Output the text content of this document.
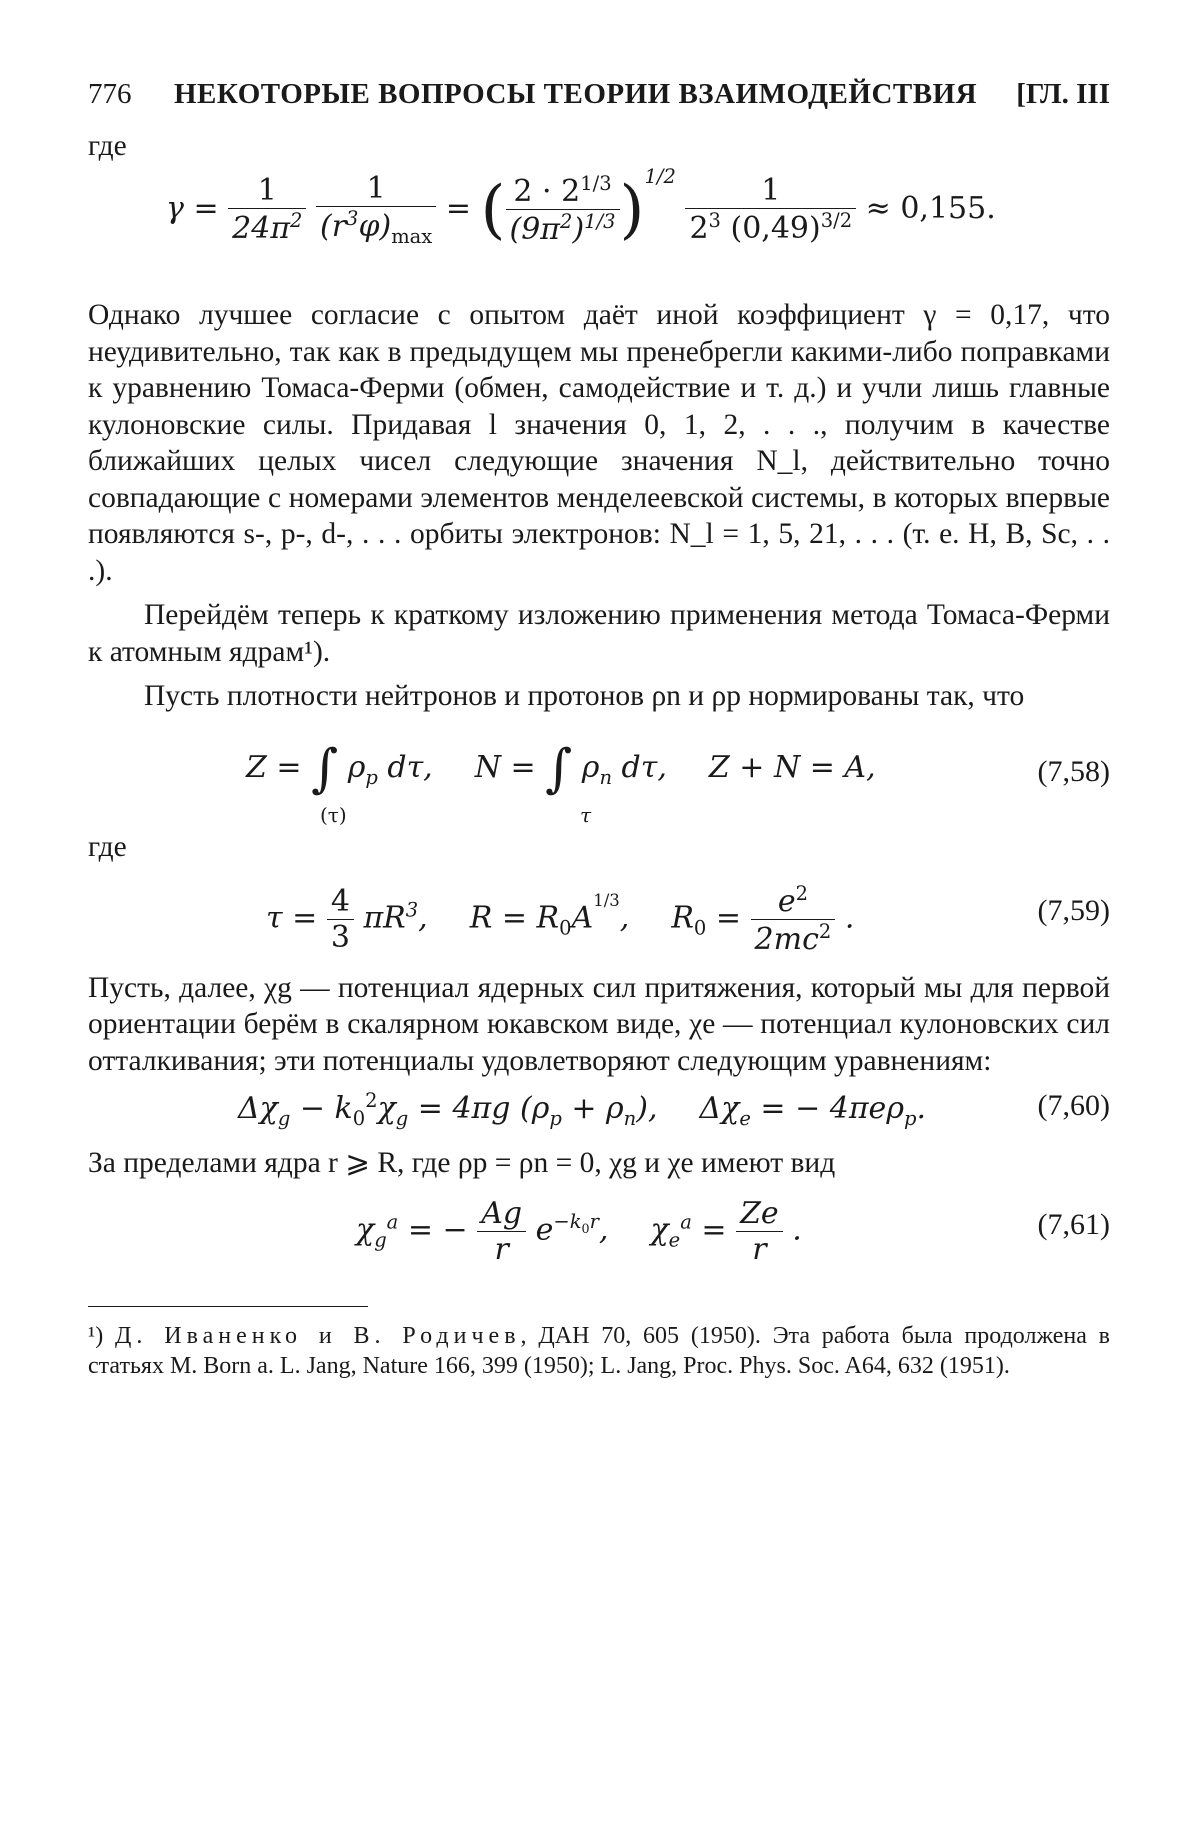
776 НЕКОТОРЫЕ ВОПРОСЫ ТЕОРИИ ВЗАИМОДЕЙСТВИЯ [ГЛ. III
где
$\gamma = \frac{1}{24\pi^2}$
$\frac{1}{(r^3\varphi)_{max}}$ = ( $\frac{2 \cdot 2^{1/3}}{(9\pi^2)^{1/3}} )^{1/2} \frac{1}{2^3 (0,49)^{3/2}} \approx 0,155$.

Однако лучшее согласие с опытом даёт иной коэффициент γ = 0,17, что неудивительно, так как в предыдущем мы пренебрегли какими-либо поправками к уравнению Томаса-Ферми (обмен, самодействие и т. д.) и учли лишь главные кулоновские силы. Придавая l значения 0, 1, 2, . . ., получим в качестве ближайших целых чисел следующие значения N_l, действительно точно совпадающие с номерами элементов менделеевской системы, в которых впервые появляются s-, p-, d-, . . . орбиты электронов: N_l = 1, 5, 21, . . . (т. е. H, B, Sc, . . .).

Перейдём теперь к краткому изложению применения метода Томаса-Ферми к атомным ядрам¹).

Пусть плотности нейтронов и протонов ρn и ρp нормированы так, что

Z = ∫ $\rho_p$ dτ, N = ∫ $\rho_n$ dτ, Z + N = A,
(τ)	τ
(7,58)
где
$\tau = \frac{4}{3} \pi R^3$, $R = R_0A^{1/3}$, $R_0 = \frac{e^2}{2mc^2}$ .	(7,59)

Пусть, далее, χg — потенциал ядерных сил притяжения, который мы для первой ориентации берём в скалярном юкавском виде, χe — потенциал кулоновских сил отталкивания; эти потенциалы удовлетворяют следующим уравнениям:

$\Delta\chi_g - k_0^2\chi_g = 4\pi g$ $(\rho_p + \rho_n)$, $\Delta\chi_e$ = − 4πeρ$_p$.	(7,60)

За пределами ядра r ⩾ R, где ρp = ρn = 0, χg и χe имеют вид

$\chi_g^a$ = − $\frac{Ag}{r} e^{-k_0r}$, $\chi_e^a = \frac{Ze}{r}$ .	(7,61)

¹) Д. Иваненко и В. Родичев, ДАН 70, 605 (1950). Эта работа была продолжена в статьях M. Born a. L. Jang, Nature 166, 399 (1950); L. Jang, Proc. Phys. Soc. A64, 632 (1951).
